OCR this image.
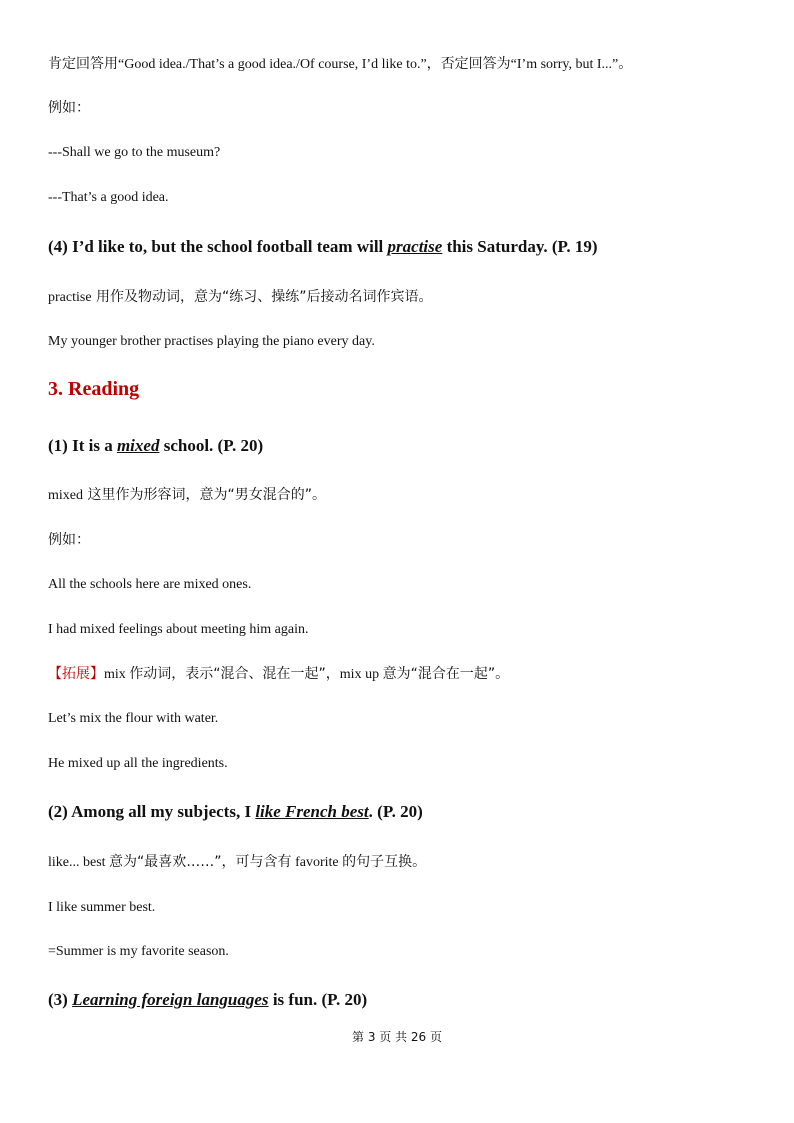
肯定回答用“Good idea./That’s a good idea./Of course, I’d like to.”，否定回答为“I’m sorry, but I...”。
例如：
---Shall we go to the museum?
---That’s a good idea.
(4) I’d like to, but the school football team will practise this Saturday. (P. 19)
practise 用作及物动词，意为“练习、操练”后接动名词作宾语。
My younger brother practises playing the piano every day.
3. Reading
(1) It is a mixed school. (P. 20)
mixed 这里作为形容词，意为“男女混合的”。
例如：
All the schools here are mixed ones.
I had mixed feelings about meeting him again.
【拓展】mix 作动词，表示“混合、混在一起”，mix up 意为“混合在一起”。
Let’s mix the flour with water.
He mixed up all the ingredients.
(2) Among all my subjects, I like French best. (P. 20)
like... best 意为“最喜欢……”，可与含有 favorite 的句子互换。
I like summer best.
=Summer is my favorite season.
(3) Learning foreign languages is fun. (P. 20)
第 3 页 共 26 页
